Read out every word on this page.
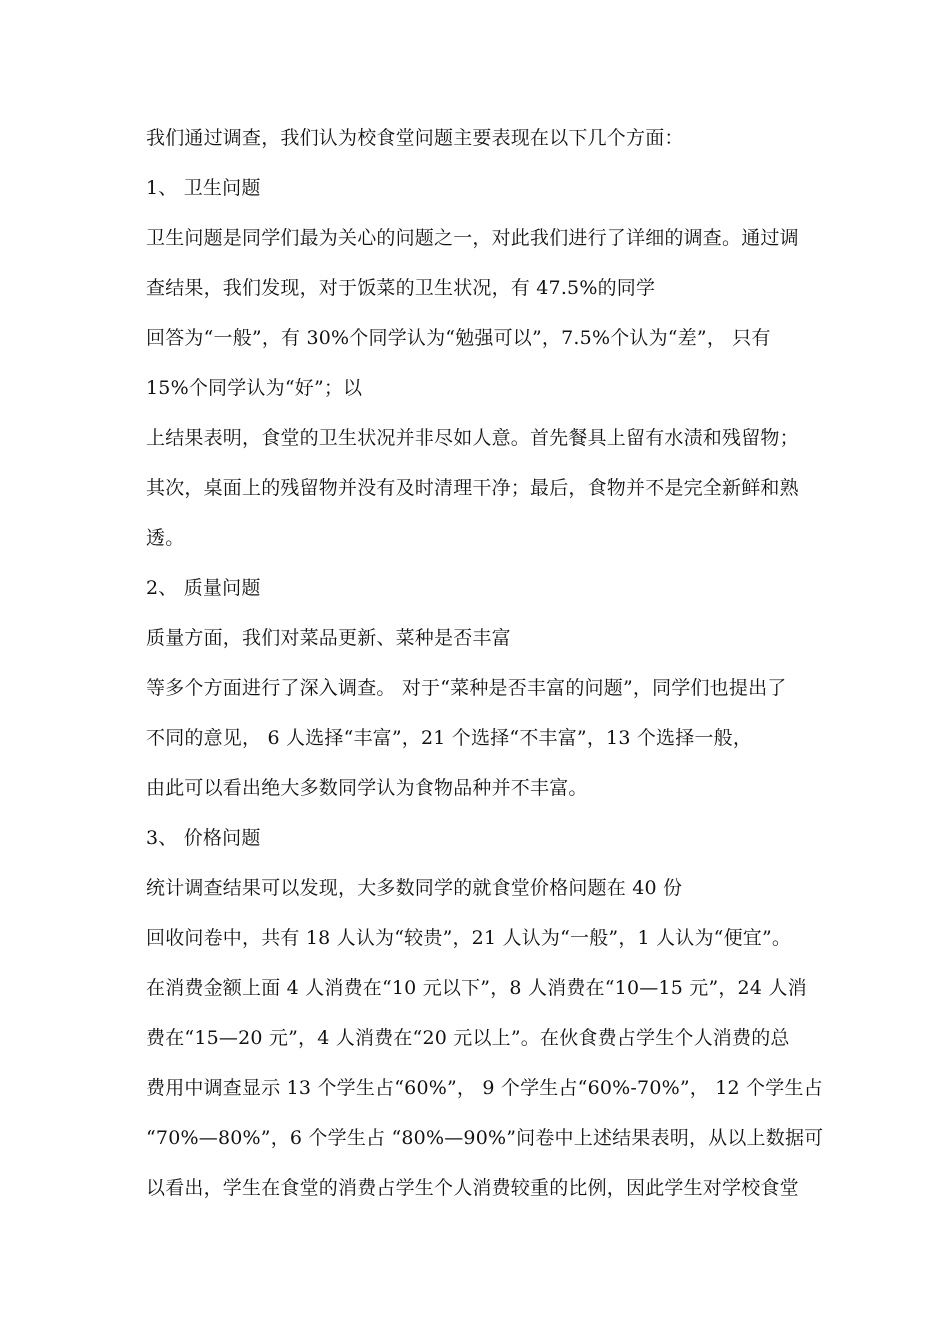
我们通过调查，我们认为校食堂问题主要表现在以下几个方面：
1、 卫生问题
卫生问题是同学们最为关心的问题之一，对此我们进行了详细的调查。通过调
查结果，我们发现，对于饭菜的卫生状况，有 47.5%的同学
回答为“一般”，有 30%个同学认为“勉强可以”，7.5%个认为“差”， 只有
15%个同学认为“好”；以
上结果表明，食堂的卫生状况并非尽如人意。首先餐具上留有水渍和残留物；
其次，桌面上的残留物并没有及时清理干净；最后，食物并不是完全新鲜和熟
透。
2、 质量问题
质量方面，我们对菜品更新、菜种是否丰富
等多个方面进行了深入调查。 对于“菜种是否丰富的问题”，同学们也提出了
不同的意见， 6 人选择“丰富”，21 个选择“不丰富”，13 个选择一般，
由此可以看出绝大多数同学认为食物品种并不丰富。
3、 价格问题
统计调查结果可以发现，大多数同学的就食堂价格问题在 40 份
回收问卷中，共有 18 人认为“较贵”，21 人认为“一般”，1 人认为“便宜”。
在消费金额上面 4 人消费在“10 元以下”，8 人消费在“10—15 元”，24 人消
费在“15—20 元”，4 人消费在“20 元以上”。在伙食费占学生个人消费的总
费用中调查显示 13 个学生占“60%”， 9 个学生占“60%-70%”， 12 个学生占
“70%—80%”，6 个学生占 “80%—90%”问卷中上述结果表明，从以上数据可
以看出，学生在食堂的消费占学生个人消费较重的比例，因此学生对学校食堂
